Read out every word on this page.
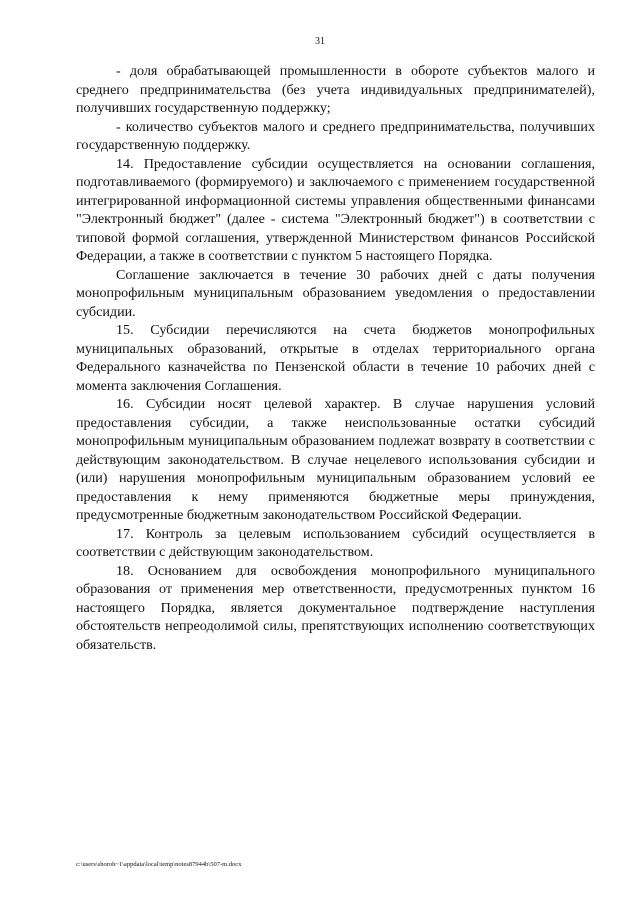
31

- доля обрабатывающей промышленности в обороте субъектов малого и среднего предпринимательства (без учета индивидуальных предпринимателей), получивших государственную поддержку;

- количество субъектов малого и среднего предпринимательства, получивших государственную поддержку.

14. Предоставление субсидии осуществляется на основании соглашения, подготавливаемого (формируемого) и заключаемого с применением государственной интегрированной информационной системы управления общественными финансами "Электронный бюджет" (далее - система "Электронный бюджет") в соответствии с типовой формой соглашения, утвержденной Министерством финансов Российской Федерации, а также в соответствии с пунктом 5 настоящего Порядка.

Соглашение заключается в течение 30 рабочих дней с даты получения монопрофильным муниципальным образованием уведомления о предоставлении субсидии.

15. Субсидии перечисляются на счета бюджетов монопрофильных муниципальных образований, открытые в отделах территориального органа Федерального казначейства по Пензенской области в течение 10 рабочих дней с момента заключения Соглашения.

16. Субсидии носят целевой характер. В случае нарушения условий предоставления субсидии, а также неиспользованные остатки субсидий монопрофильным муниципальным образованием подлежат возврату в соответствии с действующим законодательством. В случае нецелевого использования субсидии и (или) нарушения монопрофильным муниципальным образованием условий ее предоставления к нему применяются бюджетные меры принуждения, предусмотренные бюджетным законодательством Российской Федерации.

17. Контроль за целевым использованием субсидий осуществляется в соответствии с действующим законодательством.

18. Основанием для освобождения монопрофильного муниципального образования от применения мер ответственности, предусмотренных пунктом 16 настоящего Порядка, является документальное подтверждение наступления обстоятельств непреодолимой силы, препятствующих исполнению соответствующих обязательств.

c:\users\shoroh~1\appdata\local\temp\notes87944b\507-m.docx
